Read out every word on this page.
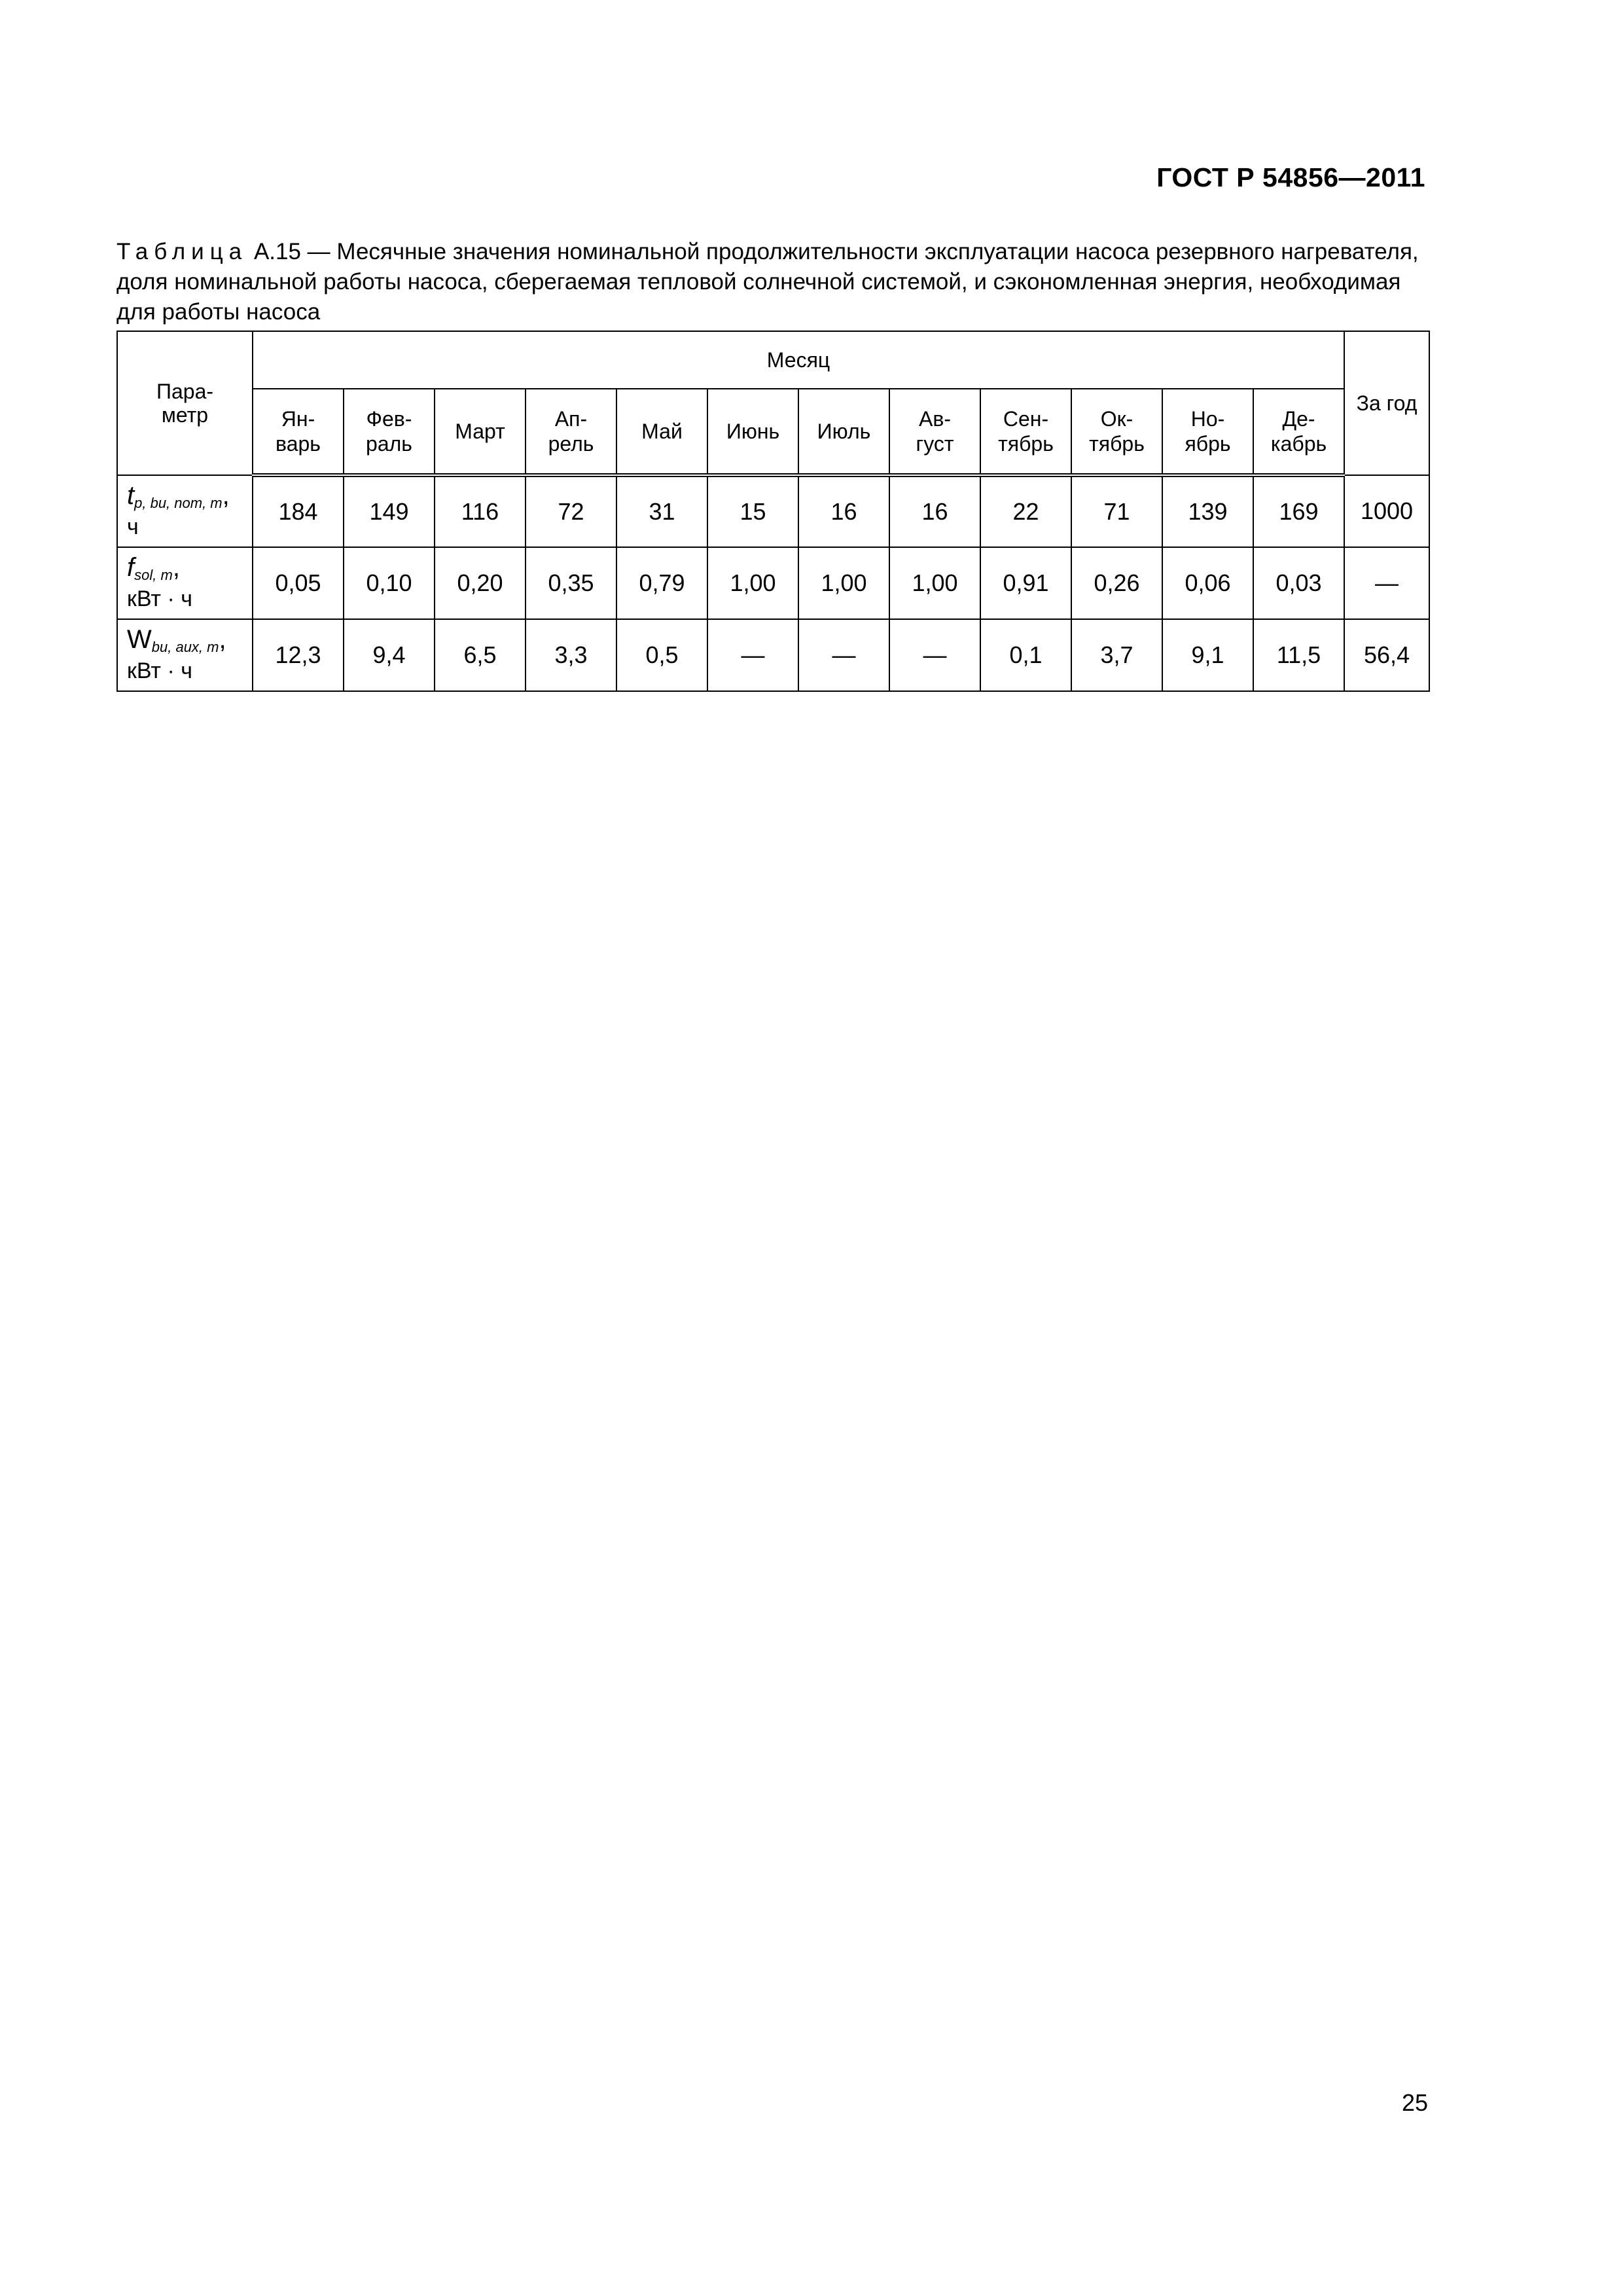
ГОСТ Р 54856—2011
Таблица А.15 — Месячные значения номинальной продолжительности эксплуатации насоса резервного нагревателя, доля номинальной работы насоса, сберегаемая тепловой солнечной системой, и сэкономленная энергия, необходимая для работы насоса
Пара-
метр	Месяц												За год
	Ян-
варь	Фев-
раль	Март	Ап-
рель	Май	Июнь	Июль	Ав-
густ	Сен-
тябрь	Ок-
тябрь	Но-
ябрь	Де-
кабрь	

$t_{p, bu, nom, m}$,
ч	184	149	116	72	31	15	16	16	22	71	139	169	1000

$f_{sol, m}$,
кВт · ч	0,05	0,10	0,20	0,35	0,79	1,00	1,00	1,00	0,91	0,26	0,06	0,03	—

$W_{bu, aux, m}$,
кВт · ч	12,3	9,4	6,5	3,3	0,5	—	—	—	0,1	3,7	9,1	11,5	56,4
25
